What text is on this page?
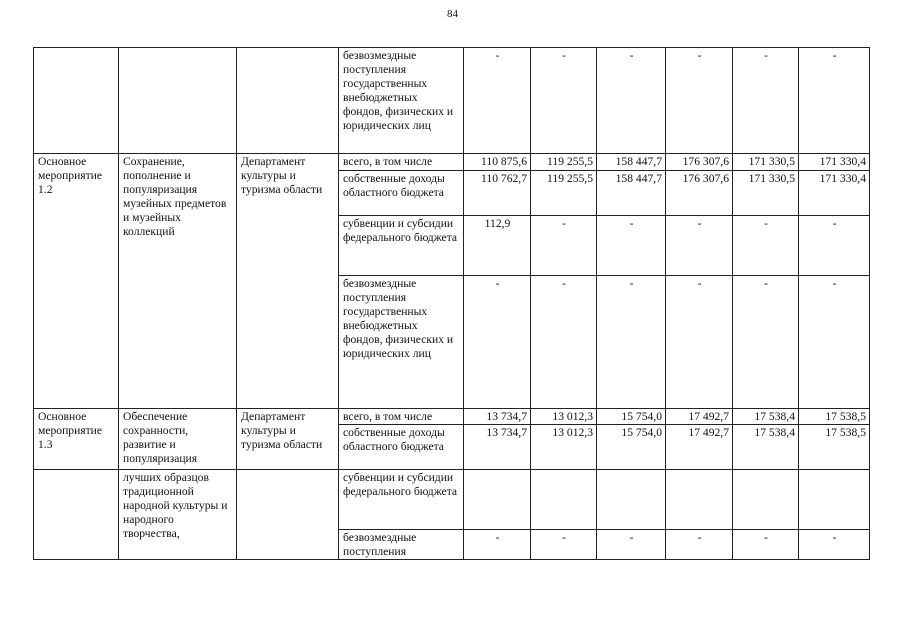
84
			безвозмездные поступления государственных внебюджетных фондов, физических и юридических лиц	-	-	-	-	-	-
Основное мероприятие 1.2	Сохранение, пополнение и популяризация музейных предметов и музейных коллекций	Департамент культуры и туризма области	всего, в том числе	110 875,6	119 255,5	158 447,7	176 307,6	171 330,5	171 330,4
			собственные доходы областного бюджета	110 762,7	119 255,5	158 447,7	176 307,6	171 330,5	171 330,4
			субвенции и субсидии федерального бюджета	112,9	-	-	-	-	-
			безвозмездные поступления государственных внебюджетных фондов, физических и юридических лиц	-	-	-	-	-	-
Основное мероприятие 1.3	Обеспечение сохранности, развитие и популяризация	Департамент культуры и туризма области	всего, в том числе	13 734,7	13 012,3	15 754,0	17 492,7	17 538,4	17 538,5
			собственные доходы областного бюджета	13 734,7	13 012,3	15 754,0	17 492,7	17 538,4	17 538,5
	лучших образцов традиционной народной культуры и народного творчества,		субвенции и субсидии федерального бюджета						
			безвозмездные поступления	-	-	-	-	-	-
